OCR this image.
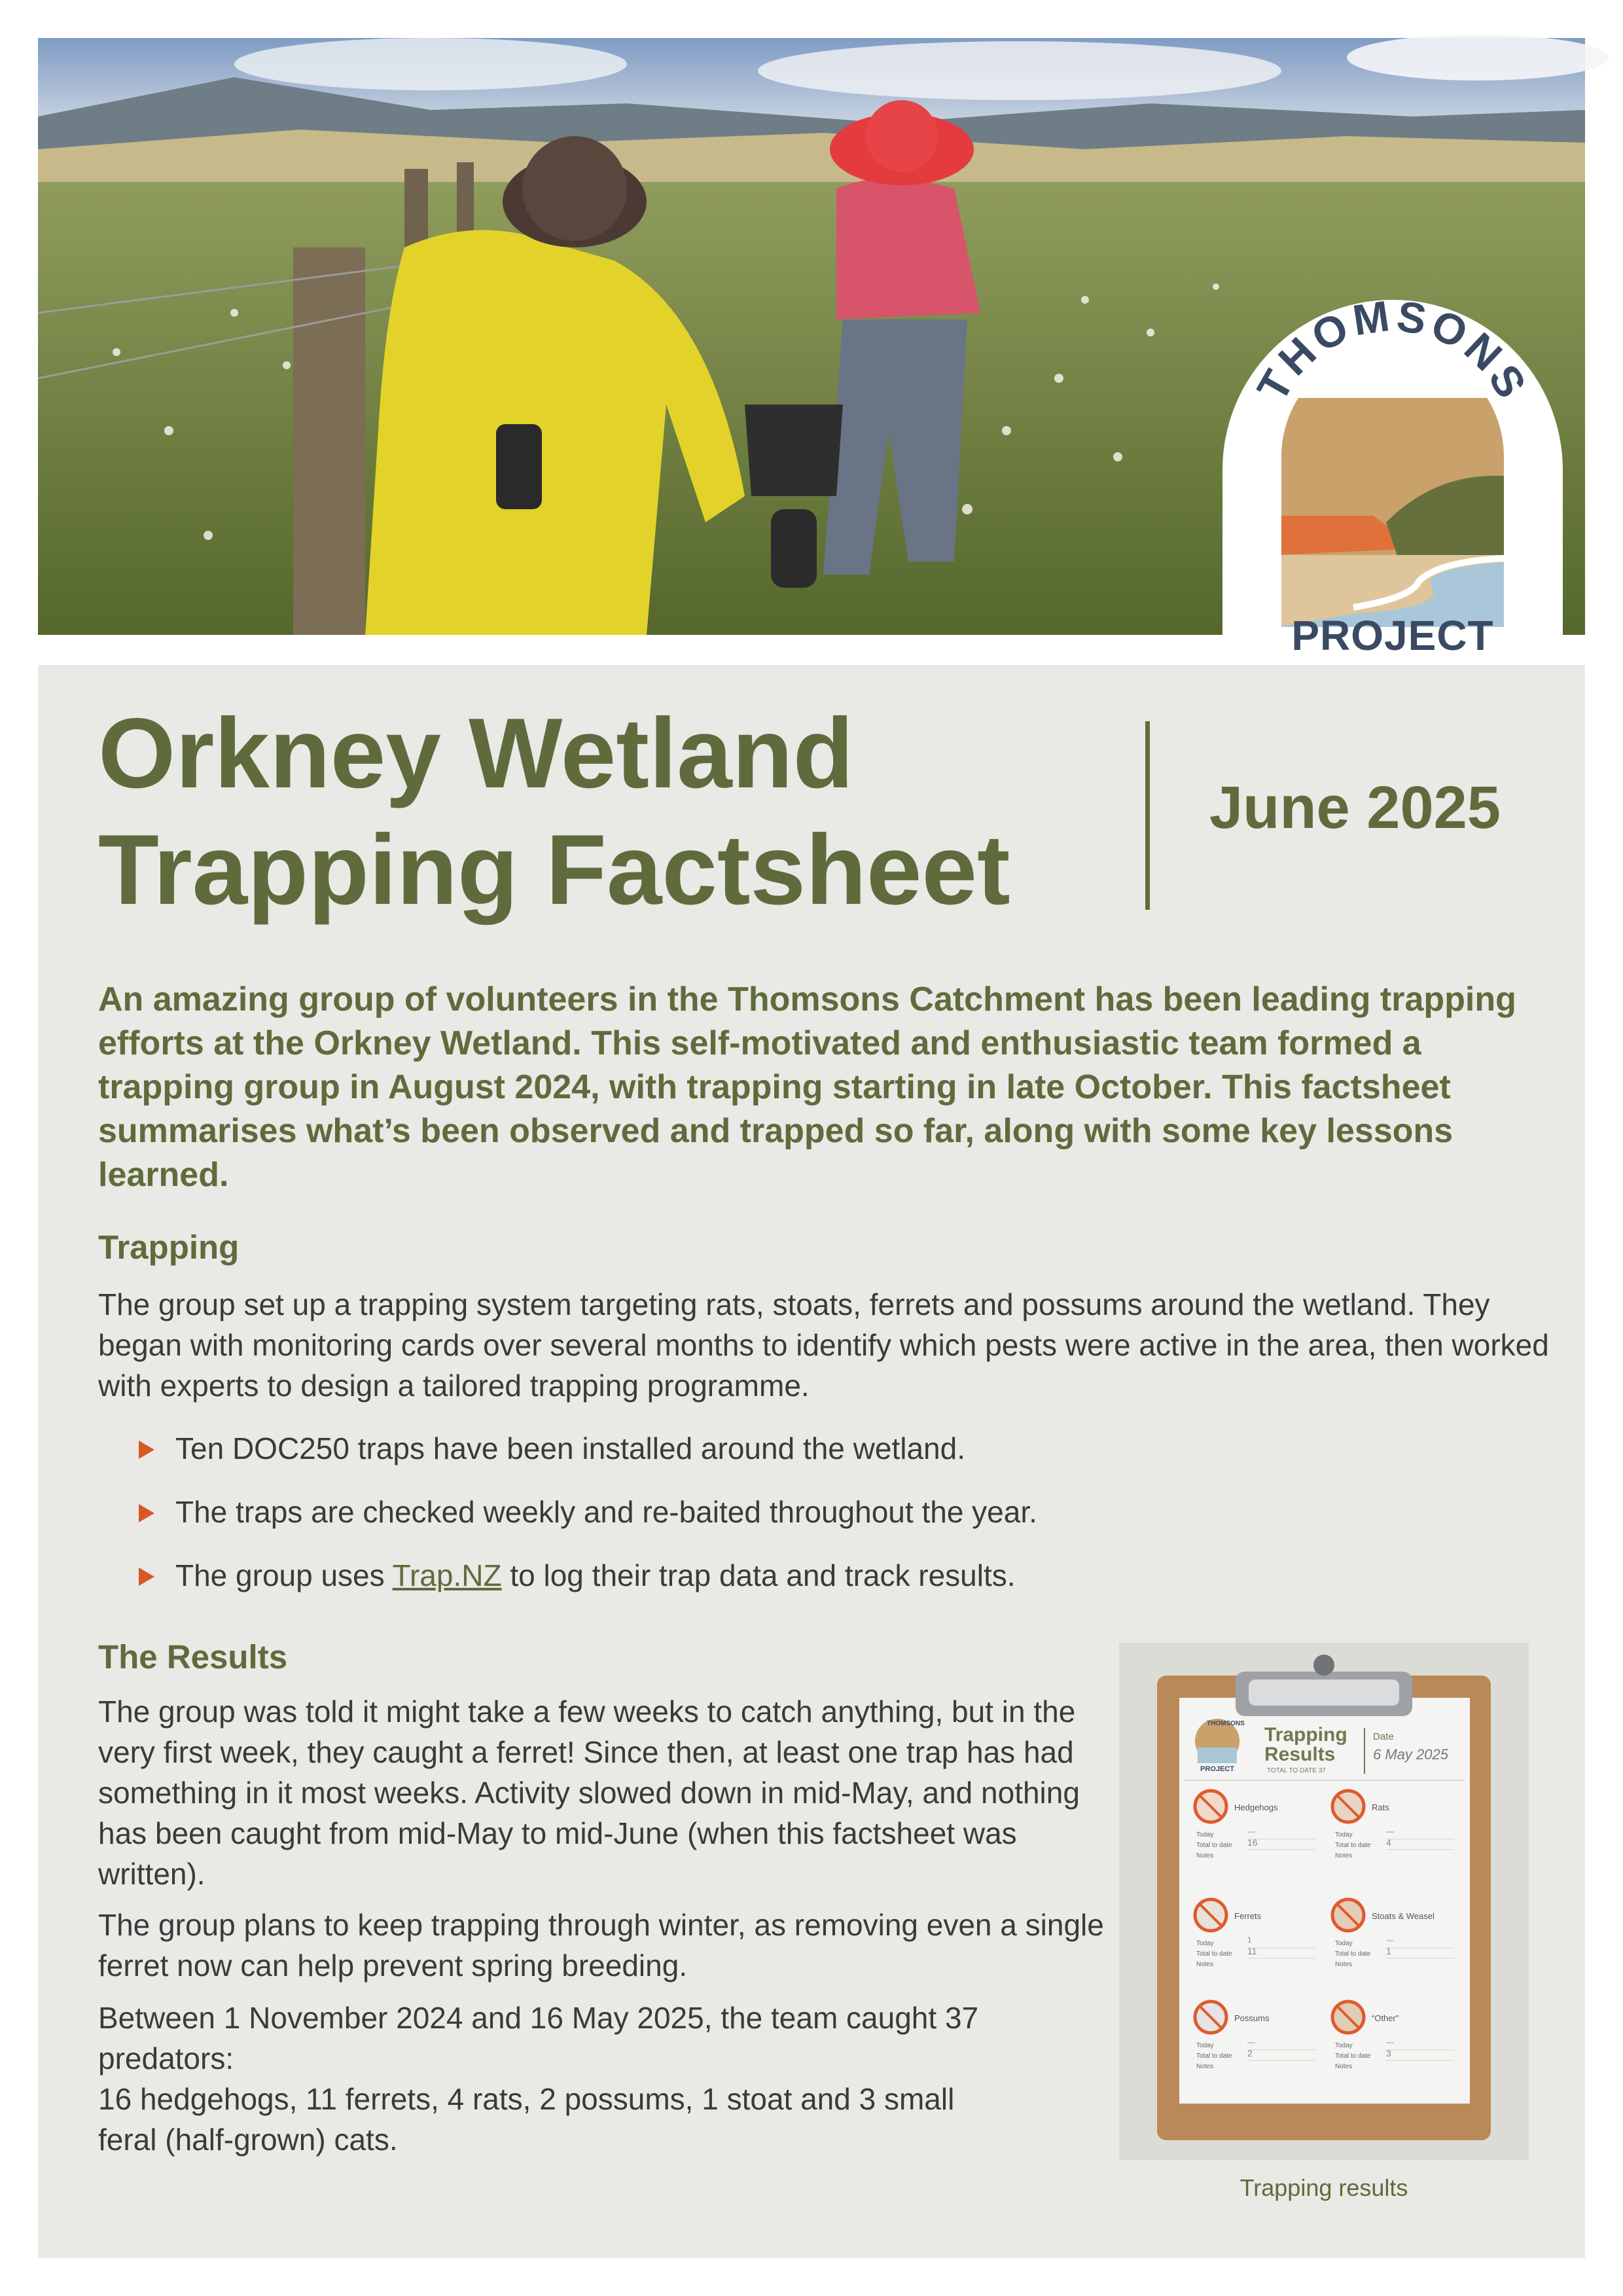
THOMSONS
PROJECT
Orkney Wetland
Trapping Factsheet
June 2025

An amazing group of volunteers in the Thomsons Catchment has been leading trapping efforts at the Orkney Wetland. This self-motivated and enthusiastic team formed a trapping group in August 2024, with trapping starting in late October. This factsheet summarises what’s been observed and trapped so far, along with some key lessons learned.

Trapping

The group set up a trapping system targeting rats, stoats, ferrets and possums around the wetland. They began with monitoring cards over several months to identify which pests were active in the area, then worked with experts to design a tailored trapping programme.

Ten DOC250 traps have been installed around the wetland.
The traps are checked weekly and re-baited throughout the year.
The group uses Trap.NZ to log their trap data and track results.
The Results

The group was told it might take a few weeks to catch anything, but in the very first week, they caught a ferret! Since then, at least one trap has had something in it most weeks. Activity slowed down in mid-May, and nothing has been caught from mid-May to mid-June (when this factsheet was written).

The group plans to keep trapping through winter, as removing even a single ferret now can help prevent spring breeding.

Between 1 November 2024 and 16 May 2025, the team caught 37 predators:

16 hedgehogs, 11 ferrets, 4 rats, 2 possums, 1 stoat and 3 small feral (half-grown) cats.

PROJECT
THOMSONS
Trapping
Results
TOTAL TO DATE 37
Date
6 May 2025
Hedgehogs
Today	—
Total to date 16
Notes
Rats
Today	—
Total to date 4
Notes
Ferrets
Today	1
Total to date 11
Notes
Stoats & Weasel
Today	—
Total to date 1
Notes
Possums
Today	—
Total to date 2
Notes
“Other”
Today	—
Total to date 3
Notes
Trapping results
